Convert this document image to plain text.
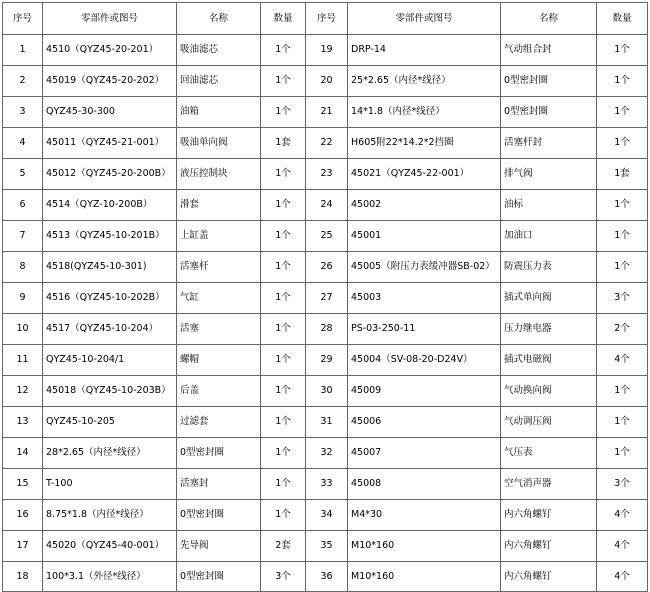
序号	零部件或图号	名称	数量	序号	零部件或图号	名称	数量
1	4510（QYZ45-20-201）	吸油滤芯	1个	19	DRP-14	气动组合封	1个
2	45019（QYZ45-20-202）	回油滤芯	1个	20	25*2.65（内径*线径）	0型密封圈	1个
3	QYZ45-30-300	油箱	1个	21	14*1.8（内径*线径）	0型密封圈	1个
4	45011（QYZ45-21-001）	吸油单向阀	1套	22	H605附22*14.2*2挡圈	活塞杆封	1个
5	45012（QYZ45-20-200B）	液压控制块	1个	23	45021（QYZ45-22-001）	排气阀	1套
6	4514（QYZ-10-200B）	滑套	1个	24	45002	油标	1个
7	4513（QYZ45-10-201B）	上缸盖	1个	25	45001	加油口	1个
8	4518(QYZ45-10-301)	活塞杆	1个	26	45005（附压力表缓冲器SB-02）	防震压力表	1个
9	4516（QYZ45-10-202B）	气缸	1个	27	45003	插式单向阀	3个
10	4517（QYZ45-10-204）	活塞	1个	28	PS-03-250-11	压力继电器	2个
11	QYZ45-10-204/1	螺帽	1个	29	45004（SV-08-20-D24V）	插式电磁阀	4个
12	45018（QYZ45-10-203B）	后盖	1个	30	45009	气动换向阀	1个
13	QYZ45-10-205	过滤套	1个	31	45006	气动调压阀	1个
14	28*2.65（内径*线径）	0型密封圈	1个	32	45007	气压表	1个
15	T-100	活塞封	1个	33	45008	空气消声器	3个
16	8.75*1.8（内径*线径）	0型密封圈	1个	34	M4*30	内六角螺钉	4个
17	45020（QYZ45-40-001）	先导阀	2套	35	M10*160	内六角螺钉	4个
18	100*3.1（外径*线径）	0型密封圈	3个	36	M10*160	内六角螺钉	4个
